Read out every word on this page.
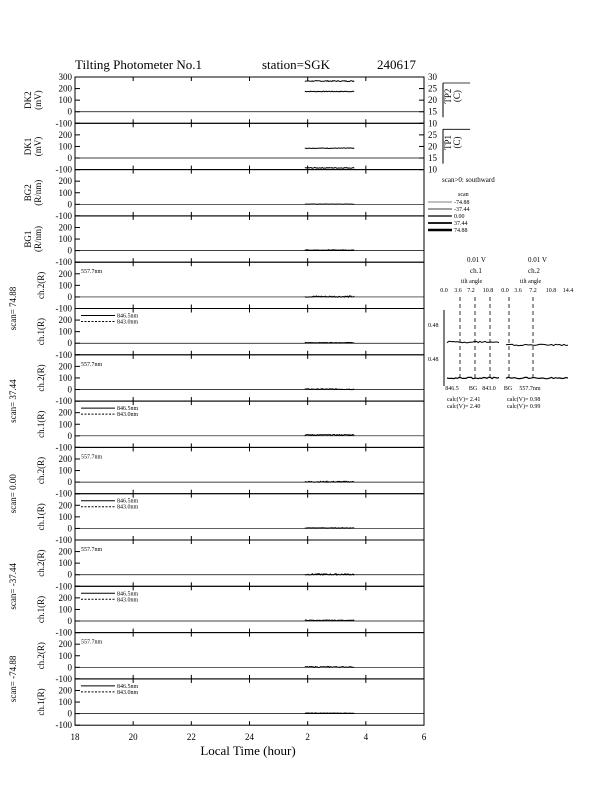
Tilting Photometer No.1	station=SGK	240617
300
200
100
0
-100
DK2 (mV)
30
25
20
15
10
TP2 (C)
200
100
0
-100
DK1 (mV)
25
20
15
10
TP1 (C)
200
100
0
-100
BG2 (R/nm)
200
100
0
-100
BG1 (R/nm)
200
100
0
-100
ch.2(R)	557.7nm
200
100
0
-100
ch.1(R)
846.5nm
843.0nm
200
100
0
-100
ch.2(R)	557.7nm
200
100
0
-100
ch.1(R)
846.5nm
843.0nm
200
100
0
-100
ch.2(R)	557.7nm
200
100
0
-100
ch.1(R)
846.5nm
843.0nm
200
100
0
-100
ch.2(R)	557.7nm
200
100
0
-100
ch.1(R)
846.5nm
843.0nm
200
100
0
-100
ch.2(R)	557.7nm
200
100
0
-100
ch.1(R)
846.5nm
843.0nm
scan= 74.88
scan= 37.44
scan= 0.00
scan= -37.44
scan= -74.88
18	20	22	24	2	4	6
Local Time (hour)
scan>0: southward
scan
-74.88
-37.44
0.00
37.44
74.88
0.01 V	0.01 V
ch.1	ch.2
tilt angle	tilt angle
0.0 3.6 7.2 10.8 0.0 3.6 7.2 10.8 14.4
0.48
0.48
846.5 BG 843.0 BG 557.7nm
calc(V)= 2.41
calc(V)= 2.40
calc(V)= 0.98
calc(V)= 0.99
